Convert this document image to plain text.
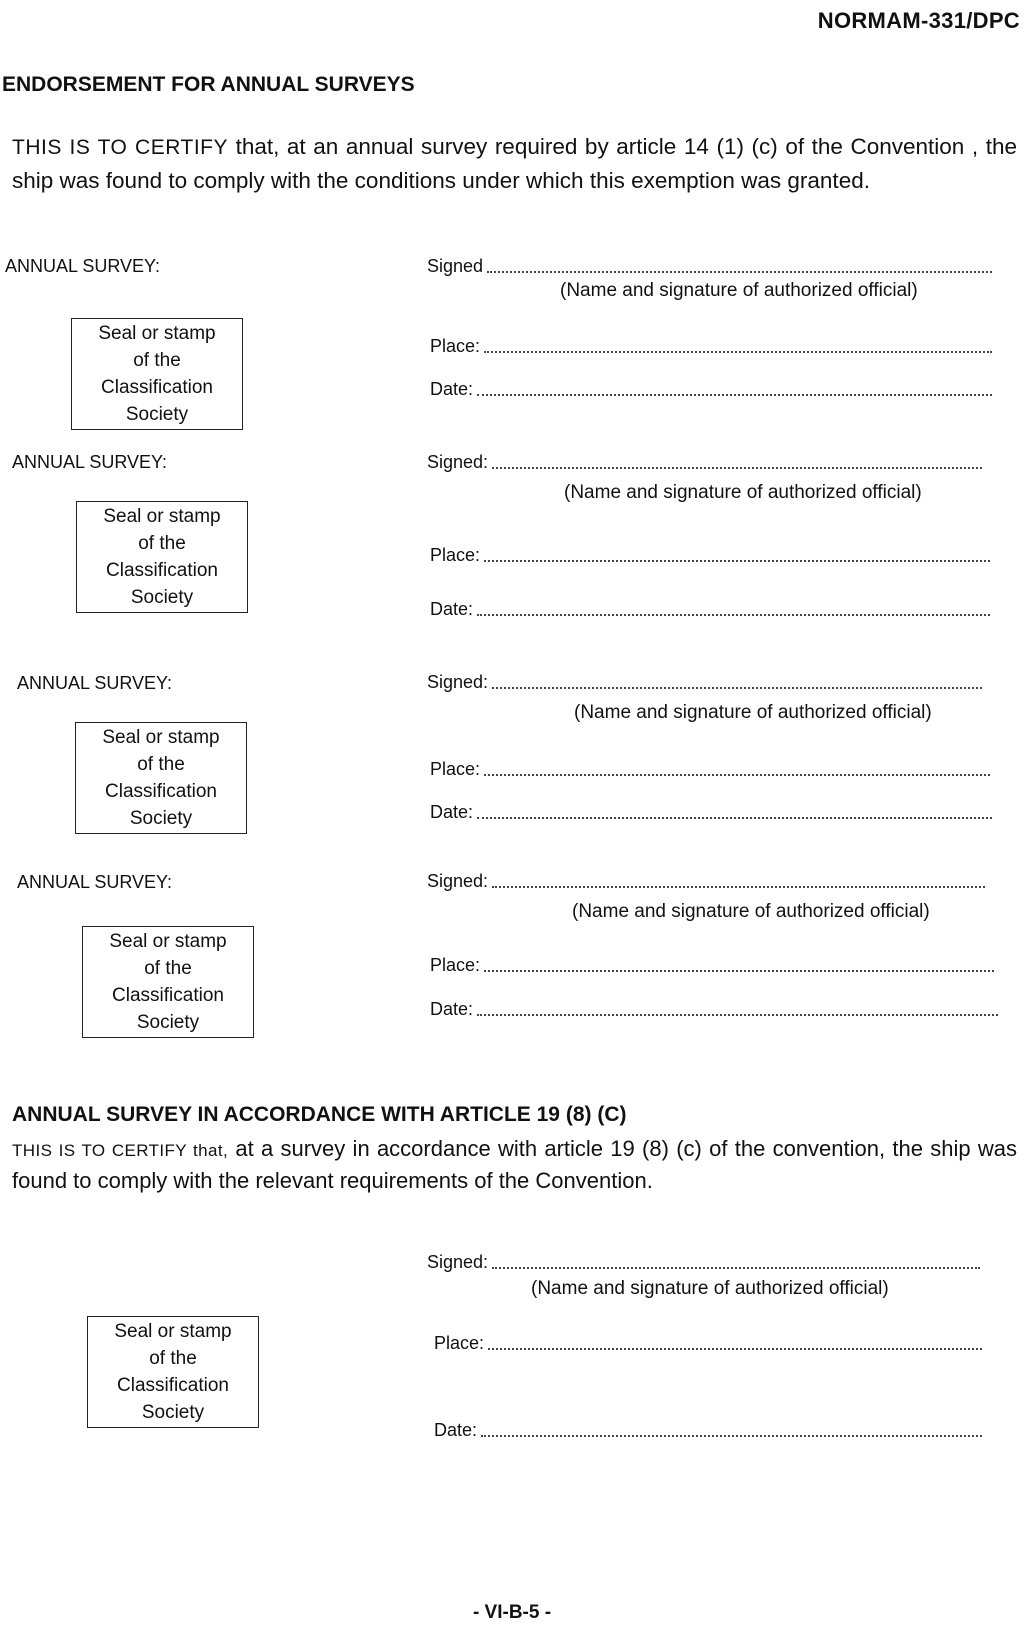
NORMAM-331/DPC
ENDORSEMENT FOR ANNUAL SURVEYS
THIS IS TO CERTIFY that, at an annual survey required by article 14 (1) (c) of the Convention , the ship was found to comply with the conditions under which this exemption was granted.
ANNUAL SURVEY:
Seal or stamp
of the
Classification
Society
Signed
(Name and signature of authorized official)
Place:
Date:
ANNUAL SURVEY:
Seal or stamp
of the
Classification
Society
Signed:
(Name and signature of authorized official)
Place:
Date:
ANNUAL SURVEY:
Seal or stamp
of the
Classification
Society
Signed:
(Name and signature of authorized official)
Place:
Date:
ANNUAL SURVEY:
Seal or stamp
of the
Classification
Society
Signed:
(Name and signature of authorized official)
Place:
Date:
ANNUAL SURVEY IN ACCORDANCE WITH ARTICLE 19 (8) (C)
THIS IS TO CERTIFY that, at a survey in accordance with article 19 (8) (c) of the convention, the ship was found to comply with the relevant requirements of the Convention.
Seal or stamp
of the
Classification
Society
Signed:
(Name and signature of authorized official)
Place:
Date:
- VI-B-5 -
